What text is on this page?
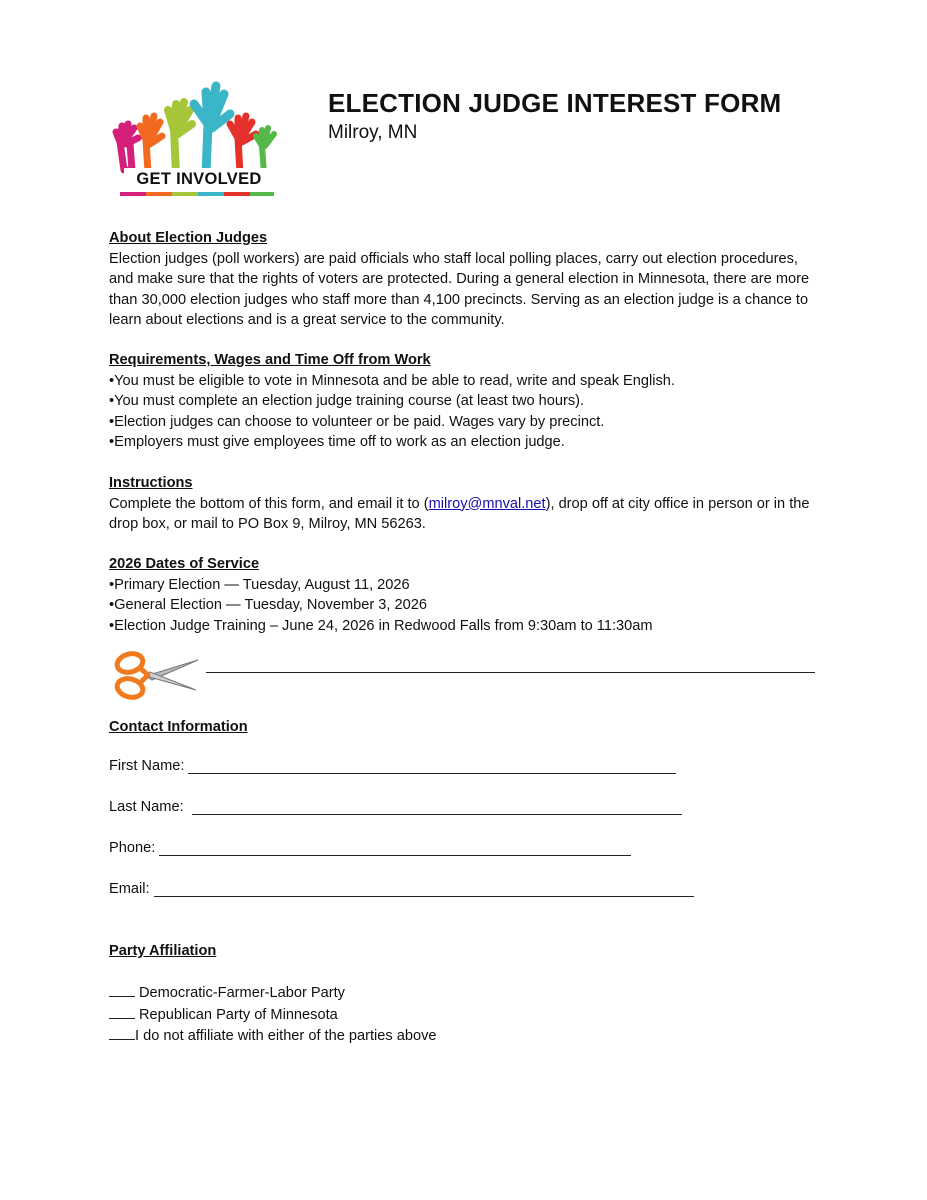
GET INVOLVED
ELECTION JUDGE INTEREST FORM
Milroy, MN
About Election Judges

Election judges (poll workers) are paid officials who staff local polling places, carry out election procedures, and make sure that the rights of voters are protected. During a general election in Minnesota, there are more than 30,000 election judges who staff more than 4,100 precincts. Serving as an election judge is a chance to learn about elections and is a great service to the community.

Requirements, Wages and Time Off from Work

•You must be eligible to vote in Minnesota and be able to read, write and speak English.

•You must complete an election judge training course (at least two hours).

•Election judges can choose to volunteer or be paid. Wages vary by precinct.

•Employers must give employees time off to work as an election judge.

Instructions

Complete the bottom of this form, and email it to (milroy@mnval.net), drop off at city office in person or in the drop box, or mail to PO Box 9, Milroy, MN 56263.

2026 Dates of Service

•Primary Election — Tuesday, August 11, 2026

•General Election — Tuesday, November 3, 2026

•Election Judge Training – June 24, 2026 in Redwood Falls from 9:30am to 11:30am

Contact Information
First Name:
Last Name:
Phone:
Email:
Party Affiliation
Democratic-Farmer-Labor Party
Republican Party of Minnesota
I do not affiliate with either of the parties above
